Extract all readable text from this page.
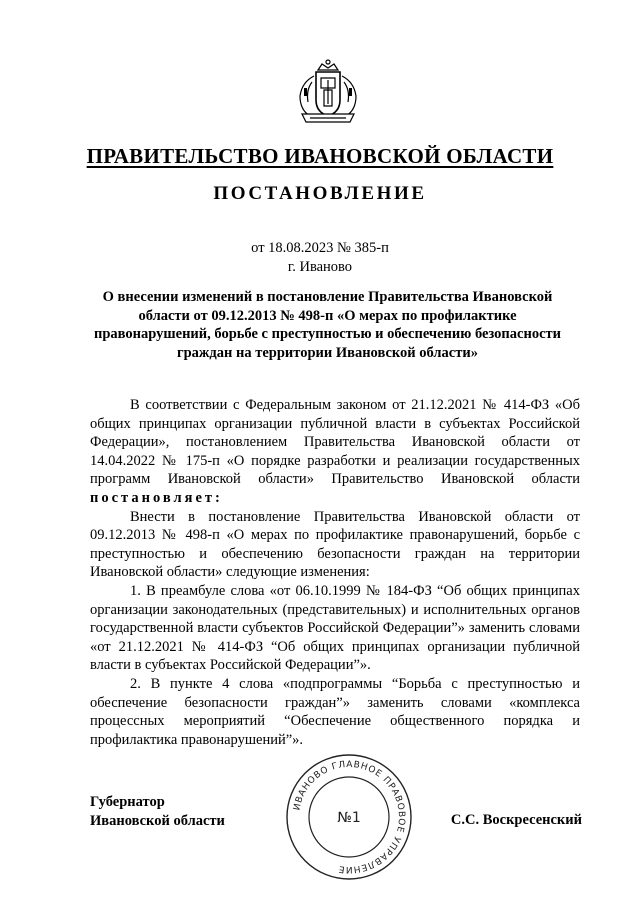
ПРАВИТЕЛЬСТВО ИВАНОВСКОЙ ОБЛАСТИ
ПОСТАНОВЛЕНИЕ
от 18.08.2023 № 385-п
г. Иваново

О внесении изменений в постановление Правительства Ивановской области от 09.12.2013 № 498-п «О мерах по профилактике правонарушений, борьбе с преступностью и обеспечению безопасности граждан на территории Ивановской области»

В соответствии с Федеральным законом от 21.12.2021 № 414-ФЗ «Об общих принципах организации публичной власти в субъектах Российской Федерации», постановлением Правительства Ивановской области от 14.04.2022 № 175-п «О порядке разработки и реализации государственных программ Ивановской области» Правительство Ивановской области постановляет:

Внести в постановление Правительства Ивановской области от 09.12.2013 № 498-п «О мерах по профилактике правонарушений, борьбе с преступностью и обеспечению безопасности граждан на территории Ивановской области» следующие изменения:

1. В преамбуле слова «от 06.10.1999 № 184-ФЗ “Об общих принципах организации законодательных (представительных) и исполнительных органов государственной власти субъектов Российской Федерации”» заменить словами «от 21.12.2021 № 414-ФЗ “Об общих принципах организации публичной власти в субъектах Российской Федерации”».

2. В пункте 4 слова «подпрограммы “Борьба с преступностью и обеспечение безопасности граждан”» заменить словами «комплекса процессных мероприятий “Обеспечение общественного порядка и профилактика правонарушений”».

Губернатор
Ивановской области	С.С. Воскресенский
ИВАНОВО ГЛАВНОЕ ПРАВОВОЕ УПРАВЛЕНИЕ
№1
